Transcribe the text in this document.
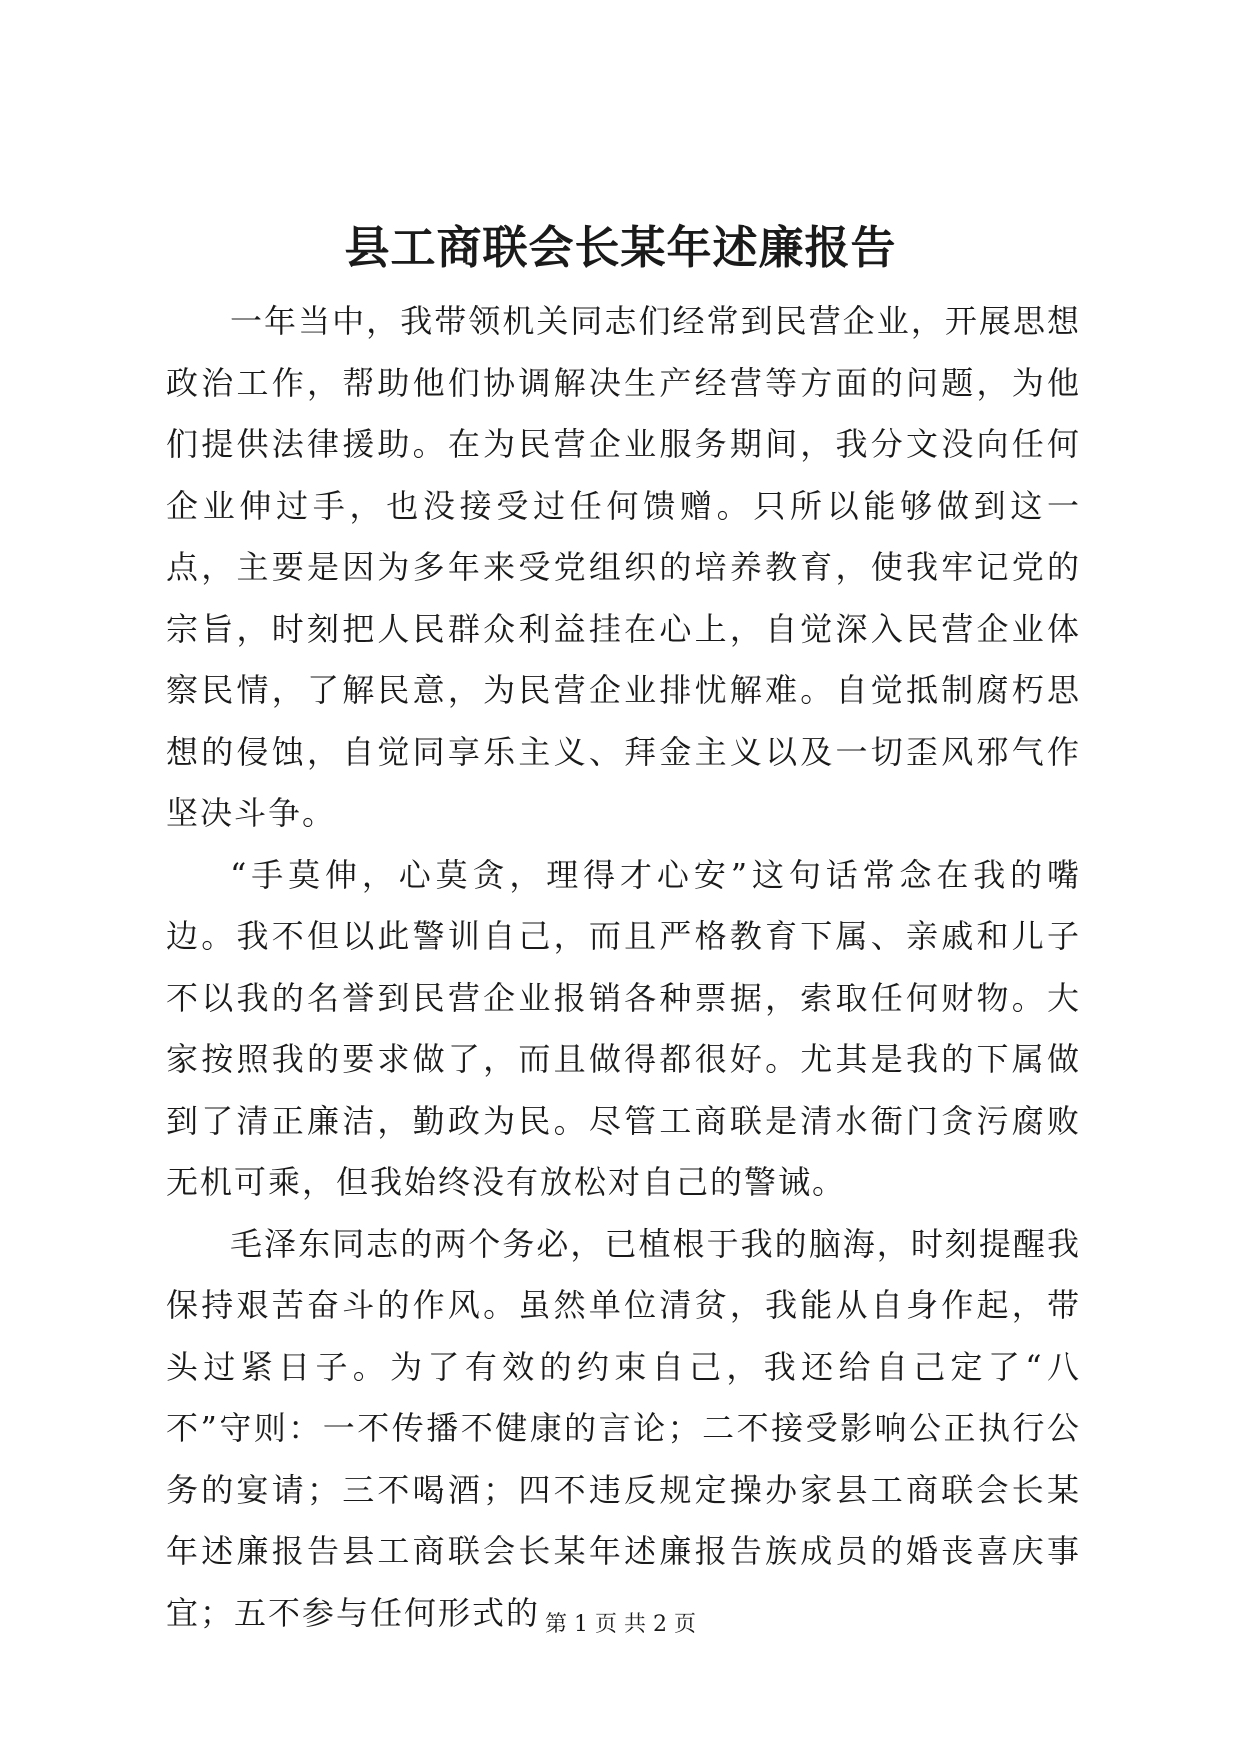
县工商联会长某年述廉报告

一年当中，我带领机关同志们经常到民营企业，开展思想政治工作，帮助他们协调解决生产经营等方面的问题，为他们提供法律援助。在为民营企业服务期间，我分文没向任何企业伸过手，也没接受过任何馈赠。只所以能够做到这一点，主要是因为多年来受党组织的培养教育，使我牢记党的宗旨，时刻把人民群众利益挂在心上，自觉深入民营企业体察民情，了解民意，为民营企业排忧解难。自觉抵制腐朽思想的侵蚀，自觉同享乐主义、拜金主义以及一切歪风邪气作坚决斗争。

“手莫伸，心莫贪，理得才心安”这句话常念在我的嘴边。我不但以此警训自己，而且严格教育下属、亲戚和儿子不以我的名誉到民营企业报销各种票据，索取任何财物。大家按照我的要求做了，而且做得都很好。尤其是我的下属做到了清正廉洁，勤政为民。尽管工商联是清水衙门贪污腐败无机可乘，但我始终没有放松对自己的警诫。

毛泽东同志的两个务必，已植根于我的脑海，时刻提醒我保持艰苦奋斗的作风。虽然单位清贫，我能从自身作起，带头过紧日子。为了有效的约束自己，我还给自己定了“八不”守则：一不传播不健康的言论；二不接受影响公正执行公务的宴请；三不喝酒；四不违反规定操办家县工商联会长某年述廉报告县工商联会长某年述廉报告族成员的婚丧喜庆事宜；五不参与任何形式的 第 1 页 共 2 页
